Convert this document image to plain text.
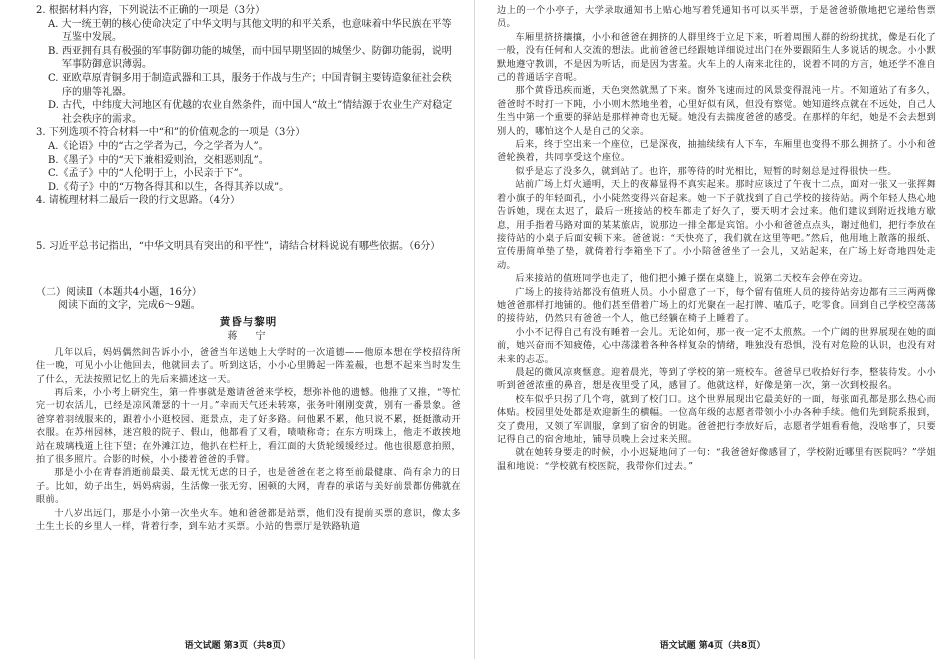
2. 根据材料内容，下列说法不正确的一项是（3分）

A. 大一统王朝的核心使命决定了中华文明与其他文明的和平关系，也意味着中华民族在平等互鉴中发展。

B. 西亚拥有具有极强的军事防御功能的城堡，而中国早期坚固的城堡少、防御功能弱，说明军事防御意识薄弱。

C. 亚欧草原青铜多用于制造武器和工具，服务于作战与生产；中国青铜主要铸造象征社会秩序的鼎等礼器。

D. 古代，中纬度大河地区有优越的农业自然条件，而中国人“故土”情结源于农业生产对稳定社会秩序的需求。

3. 下列选项不符合材料一中“和”的价值观念的一项是（3分）

A.《论语》中的“古之学者为己，今之学者为人”。

B.《墨子》中的“天下兼相爱则治，交相恶则乱”。

C.《孟子》中的“人伦明于上，小民亲于下”。

D.《荀子》中的“万物各得其和以生，各得其养以成”。

4. 请梳理材料二最后一段的行文思路。（4分）

5. 习近平总书记指出，“中华文明具有突出的和平性”，请结合材料说说有哪些依据。（6分）

（二）阅读Ⅱ（本题共4小题，16分）

阅读下面的文字，完成6～9题。

黄昏与黎明

蒋　宁

几年以后，妈妈偶然间告诉小小，爸爸当年送她上大学时的一次道德——他原本想在学校招待所住一晚，可见小小让他回去，他就回去了。听到这话，小小心里腾起一阵羞赧，也想不起来当时发生了什么，无法按照记忆上的先后来描述这一天。

再后来，小小考上研究生，第一件事就是邀请爸爸来学校，想弥补他的遗憾。他推了又推，“等忙完一切农活儿，已经是凉风萧瑟的十一月。”幸而天气还未转寒，张务叶刚刚变黄，别有一番景象。爸爸穿着羽绒服来的，跟着小小逛校园、逛景点，走了好多路。问他累不累，他只说不累，挺挺激动开衣服。在苏州园林，迷宫般的院子、假山，他都看了又看，啧啧称奇；在东方明珠上，他走不敢挨地站在玻璃栈道上往下望；在外滩江边，他扒在栏杆上，看江面的大货轮缓缓经过。他也很愿意拍照，拍了很多照片。合影的时候，小小搂着爸爸的手臂。

那是小小在青春消逝前最美、最无忧无虑的日子，也是爸爸在老之将至前最健康、尚有余力的日子。比如，幼子出生，妈妈病弱，生活像一张无穷、困顿的大网，青春的承诺与美好前景都仿佛就在眼前。

十八岁出远门，那是小小第一次坐火车。她和爸爸都是站票，他们没有提前买票的意识，像太多土生土长的乡里人一样，背着行李，到车站才买票。小站的售票厅是铁路轨道

语文试题 第3页（共8页）

边上的一个小亭子，大学录取通知书上贴心地写着凭通知书可以买半票，于是爸爸骄傲地把它递给售票员。

车厢里挤挤攘攘，小小和爸爸在拥挤的人群里终于立足下来，听着周围人群的纷纷扰扰，像是石化了一般，没有任何和人交流的想法。此前爸爸已经跟她详细说过出门在外要跟陌生人多说话的规念。小小默默地遵守教训，不是因为听话，而是因为害羞。火车上的人南来北往的，说着不同的方言，她还学不准自己的普通话字音呢。

那个黄昏迅疾而逝，天色突然就黑了下来。窗外飞速而过的风景变得混沌一片。不知道站了有多久，爸爸时不时打一下盹，小小则木然地坐着，心里好似有风，但没有察觉。她知道终点就在不远处，自己人生当中第一个重要的驿站是那样神奇也无疑。她没有去揣度爸爸的感受。在那样的年纪，她是不会去想到别人的，哪怕这个人是自己的父亲。

后来，终于空出来一个座位，已是深夜，抽抽续续有人下车，车厢里也变得不那么拥挤了。小小和爸爸轮换着，共同享受这个座位。

似乎是忘了没多久，就到站了。也许，那等待的时光相比，短暂的时刻总是过得很快一些。

站前广场上灯火通明，天上的夜幕显得不真实起来。那时应该过了午夜十二点，面对一张又一张挥舞着小旗子的年轻面孔，小小陡然变得兴奋起来。她一下子就找到了自己学校的接待站。两个年轻人热心地告诉她，现在太迟了，最后一班接站的校车都走了好久了，要天明才会过来。他们建议到附近找地方歇息，用手指着马路对面的某某旅店，说那边一排全都是宾馆。小小和爸爸点点头，谢过他们，把行李放在接待站的小桌子后面安顿下来。爸爸说：“天快亮了，我们就在这里等吧。”然后，他用地上散落的报纸、宣传册简单垫了垫，就倚着行李箱坐下了。小小陪爸爸坐了一会儿，又站起来，在广场上好奇地四处走动。

后来接站的值班同学也走了，他们把小摊子摆在桌缝上，说第二天校车会停在旁边。

广场上的接待站都没有值班人员。小小留意了一下，每个留有值班人员的接待站旁边都有三三两两像她爸爸那样打地铺的。他们甚至借着广场上的灯光聚在一起打牌、嗑瓜子，吃零食。回到自己学校空荡荡的接待站，仍然只有爸爸一个人，他已经躺在椅子上睡着了。

小小不记得自己有没有睡着一会儿。无论如何，那一夜一定不太煎熬。一个广阔的世界展现在她的面前，她兴奋而不知疲倦，心中荡漾着各种各样复杂的情绪，唯独没有恐惧，没有对危险的认识，也没有对未来的忐忑。

晨起的微风凉爽惬意。迎着晨光，等到了学校的第一班校车。爸爸早已收拾好行李，整装待发。小小听到爸爸浓重的鼻音，想是夜里受了风，感冒了。他就这样，好像是第一次，第一次到校报名。

校车似乎只拐了几个弯，就到了校门口。这个世界展现出它最美好的一面，每张面孔都是那么热心而体贴。校园里处处都是欢迎新生的横幅。一位高年级的志愿者带领小小办各种手续。他们先到院系报到，交了费用，又领了军训服，拿到了宿舍的钥匙。爸爸把行李放好后，志愿者学姐看看他，没啥事了，只要记得自己的宿舍地址，铺导员晚上会过来关照。

就在她转身要走的时候，小小迟疑地问了一句：“我爸爸好像感冒了，学校附近哪里有医院吗？”学姐温和地说：“学校就有校医院，我带你们过去。”

语文试题 第4页（共8页）
